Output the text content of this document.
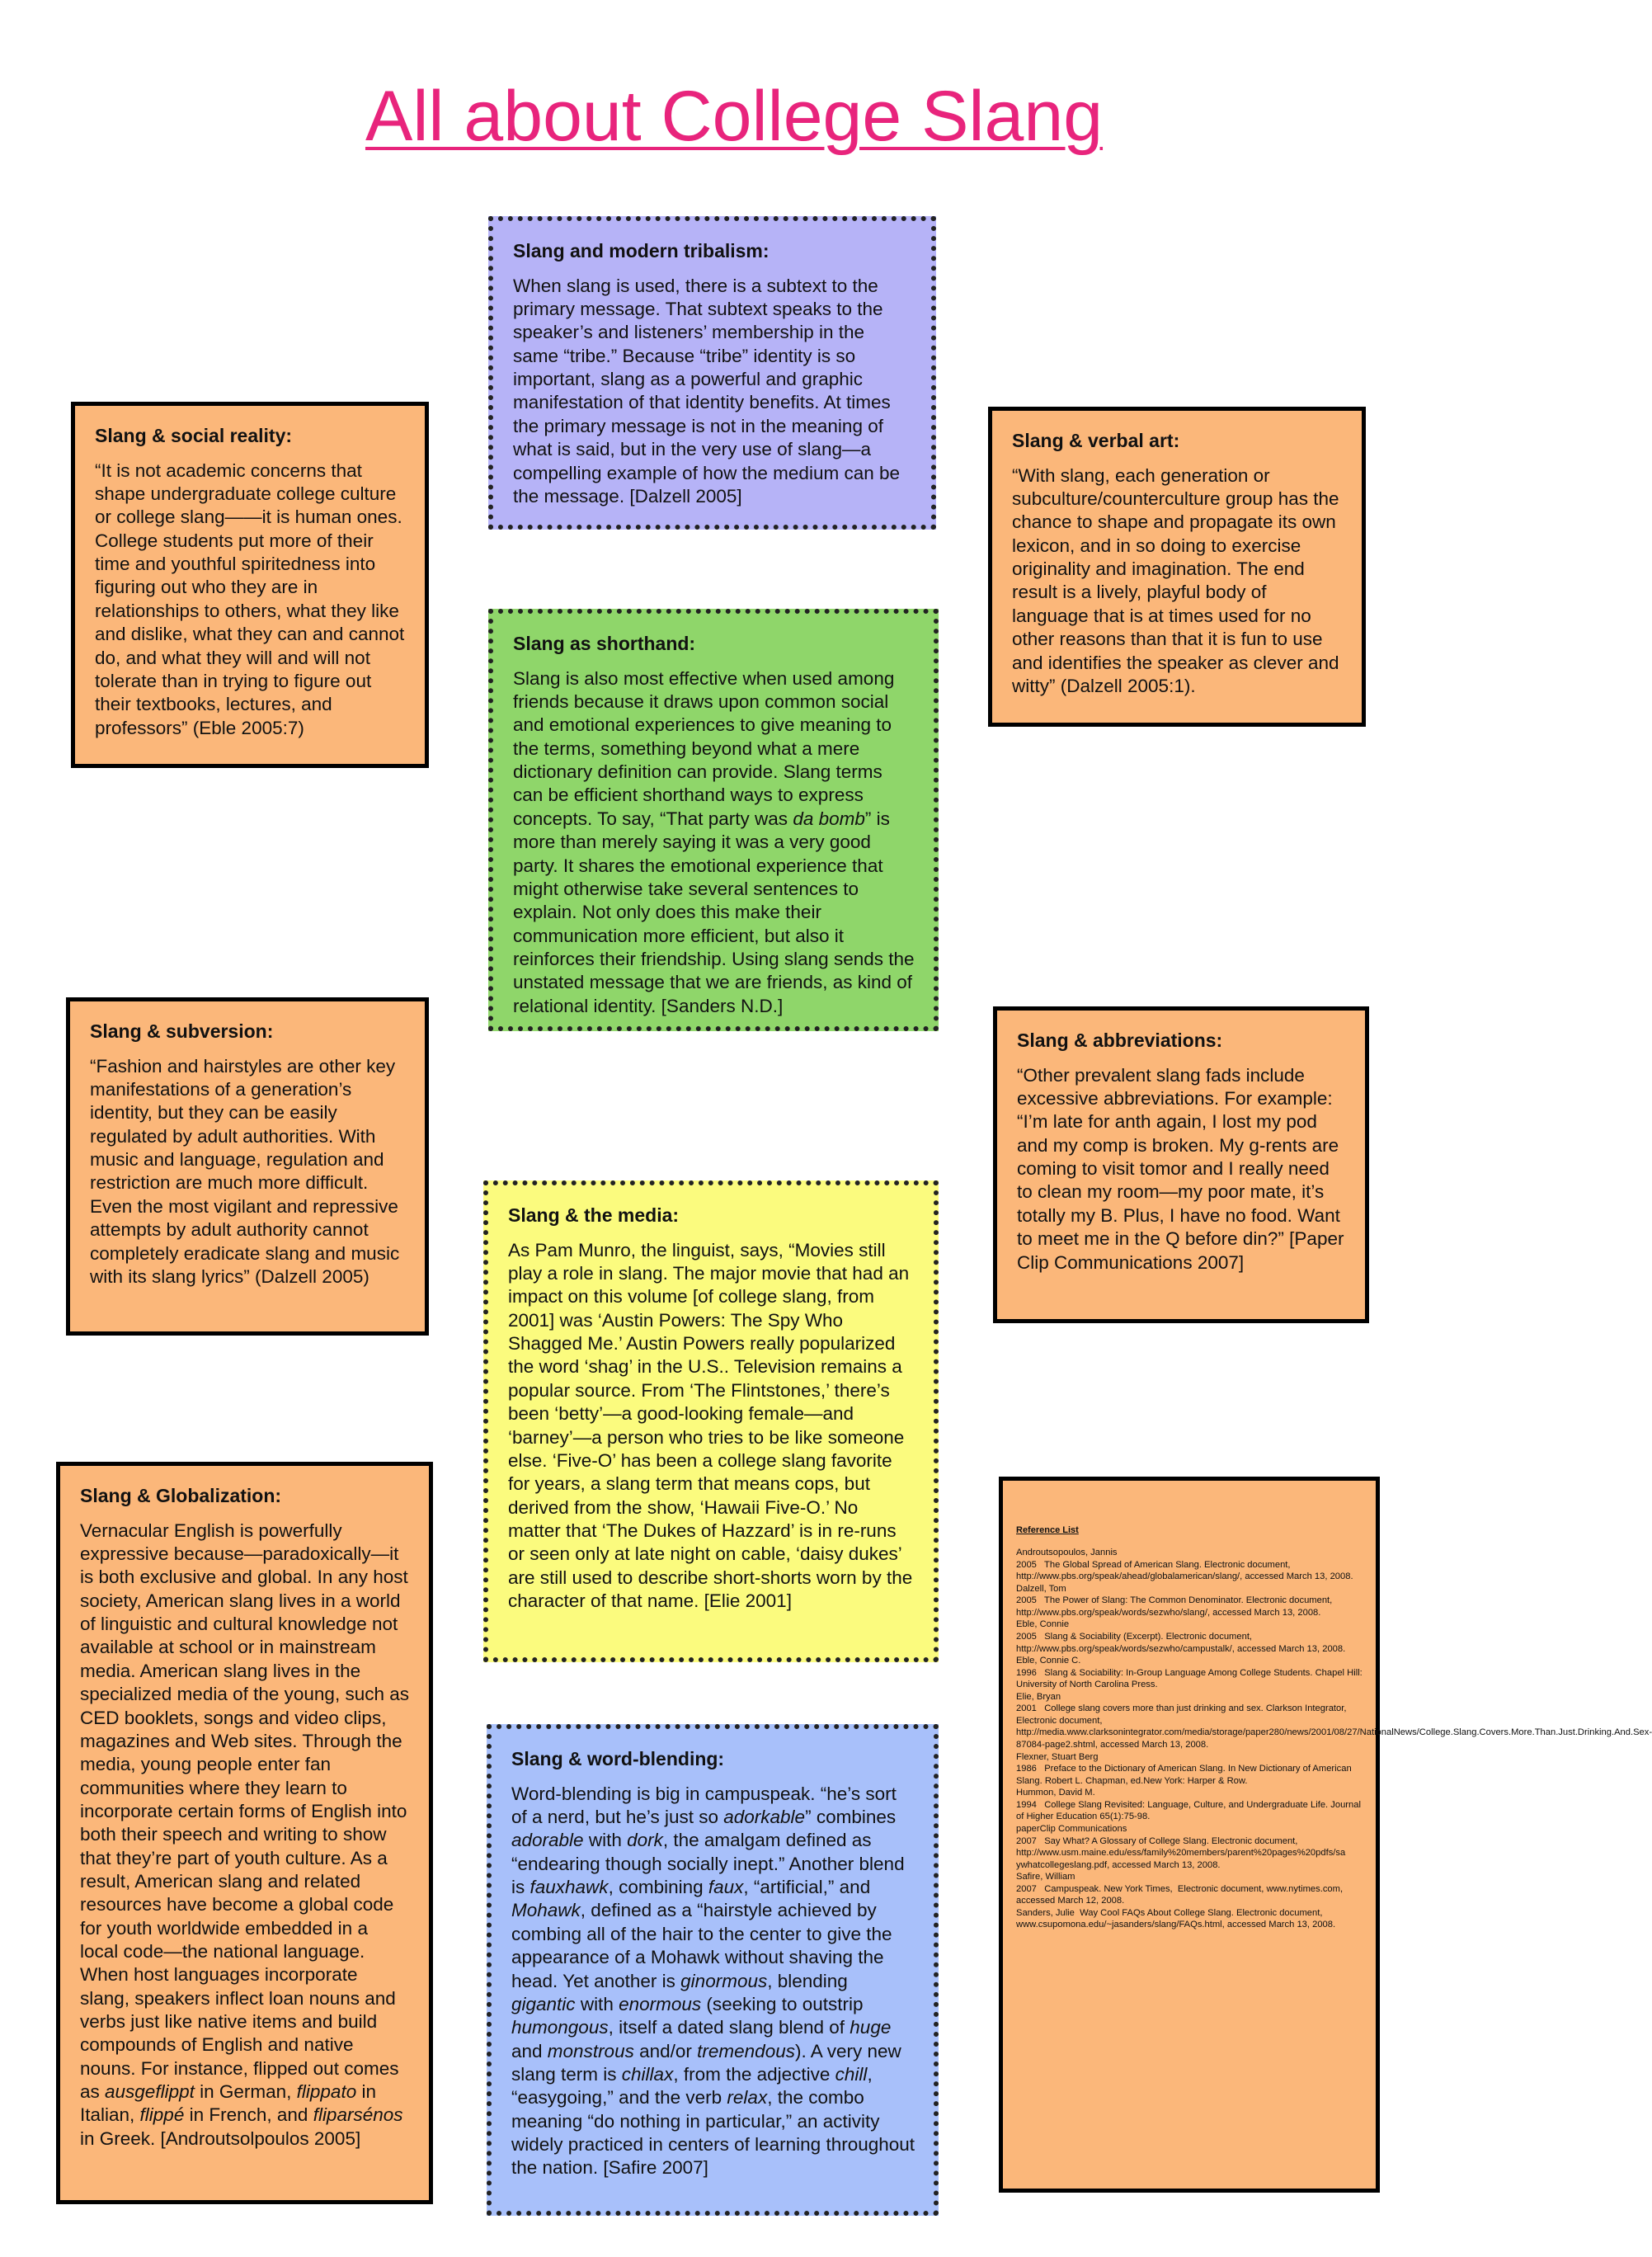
All about College Slang
Slang & social reality:

“It is not academic concerns that shape undergraduate college culture or college slang——it is human ones. College students put more of their time and youthful spiritedness into figuring out who they are in relationships to others, what they like and dislike, what they can and cannot do, and what they will and will not tolerate than in trying to figure out their textbooks, lectures, and professors” (Eble 2005:7)

Slang and modern tribalism:

When slang is used, there is a subtext to the primary message. That subtext speaks to the speaker’s and listeners’ membership in the same “tribe.” Because “tribe” identity is so important, slang as a powerful and graphic manifestation of that identity benefits. At times the primary message is not in the meaning of what is said, but in the very use of slang—a compelling example of how the medium can be the message. [Dalzell 2005]

Slang & verbal art:

“With slang, each generation or subculture/counterculture group has the chance to shape and propagate its own lexicon, and in so doing to exercise originality and imagination. The end result is a lively, playful body of language that is at times used for no other reasons than that it is fun to use and identifies the speaker as clever and witty” (Dalzell 2005:1).

Slang as shorthand:

Slang is also most effective when used among friends because it draws upon common social and emotional experiences to give meaning to the terms, something beyond what a mere dictionary definition can provide. Slang terms can be efficient shorthand ways to express concepts. To say, “That party was da bomb” is more than merely saying it was a very good party. It shares the emotional experience that might otherwise take several sentences to explain. Not only does this make their communication more efficient, but also it reinforces their friendship. Using slang sends the unstated message that we are friends, as kind of relational identity. [Sanders N.D.]

Slang & subversion:

“Fashion and hairstyles are other key manifestations of a generation’s identity, but they can be easily regulated by adult authorities. With music and language, regulation and restriction are much more difficult. Even the most vigilant and repressive attempts by adult authority cannot completely eradicate slang and music with its slang lyrics” (Dalzell 2005)

Slang & abbreviations:

“Other prevalent slang fads include excessive abbreviations. For example: “I’m late for anth again, I lost my pod and my comp is broken. My g-rents are coming to visit tomor and I really need to clean my room—my poor mate, it’s totally my B. Plus, I have no food. Want to meet me in the Q before din?” [Paper Clip Communications 2007]

Slang & the media:

As Pam Munro, the linguist, says, “Movies still play a role in slang. The major movie that had an impact on this volume [of college slang, from 2001] was ‘Austin Powers: The Spy Who Shagged Me.’ Austin Powers really popularized the word ‘shag’ in the U.S.. Television remains a popular source. From ‘The Flintstones,’ there’s been ‘betty’—a good-looking female—and ‘barney’—a person who tries to be like someone else. ‘Five-O’ has been a college slang favorite for years, a slang term that means cops, but derived from the show, ‘Hawaii Five-O.’ No matter that ‘The Dukes of Hazzard’ is in re-runs or seen only at late night on cable, ‘daisy dukes’ are still used to describe short-shorts worn by the character of that name. [Elie 2001]

Slang & Globalization:

Vernacular English is powerfully expressive because—paradoxically—it is both exclusive and global. In any host society, American slang lives in a world of linguistic and cultural knowledge not available at school or in mainstream media. American slang lives in the specialized media of the young, such as CED booklets, songs and video clips, magazines and Web sites. Through the media, young people enter fan communities where they learn to incorporate certain forms of English into both their speech and writing to show that they’re part of youth culture. As a result, American slang and related resources have become a global code for youth worldwide embedded in a local code—the national language. When host languages incorporate slang, speakers inflect loan nouns and verbs just like native items and build compounds of English and native nouns. For instance, flipped out comes as ausgeflippt in German, flippato in Italian, flippé in French, and fliparsénos in Greek. [Androutsolpoulos 2005]

Slang & word-blending:

Word-blending is big in campuspeak. “he’s sort of a nerd, but he’s just so adorkable” combines adorable with dork, the amalgam defined as “endearing though socially inept.” Another blend is fauxhawk, combining faux, “artificial,” and Mohawk, defined as a “hairstyle achieved by combing all of the hair to the center to give the appearance of a Mohawk without shaving the head. Yet another is ginormous, blending gigantic with enormous (seeking to outstrip humongous, itself a dated slang blend of huge and monstrous and/or tremendous). A very new slang term is chillax, from the adjective chill, “easygoing,” and the verb relax, the combo meaning “do nothing in particular,” an activity widely practiced in centers of learning throughout the nation. [Safire 2007]

Reference List
Androutsopoulos, Jannis
2005   The Global Spread of American Slang. Electronic document, http://www.pbs.org/speak/ahead/globalamerican/slang/, accessed March 13, 2008.
Dalzell, Tom
2005   The Power of Slang: The Common Denominator. Electronic document, http://www.pbs.org/speak/words/sezwho/slang/, accessed March 13, 2008.
Eble, Connie
2005   Slang & Sociability (Excerpt). Electronic document, http://www.pbs.org/speak/words/sezwho/campustalk/, accessed March 13, 2008.
Eble, Connie C.
1996   Slang & Sociability: In-Group Language Among College Students. Chapel Hill: University of North Carolina Press.
Elie, Bryan
2001   College slang covers more than just drinking and sex. Clarkson Integrator, Electronic document, http://media.www.clarksonintegrator.com/media/storage/paper280/news/2001/08/27/NationalNews/College.Slang.Covers.More.Than.Just.Drinking.And.Sex-87084-page2.shtml, accessed March 13, 2008.
Flexner, Stuart Berg
1986   Preface to the Dictionary of American Slang. In New Dictionary of American Slang. Robert L. Chapman, ed.New York: Harper & Row.
Hummon, David M.
1994   College Slang Revisited: Language, Culture, and Undergraduate Life. Journal of Higher Education 65(1):75-98.
paperClip Communications
2007   Say What? A Glossary of College Slang. Electronic document, http://www.usm.maine.edu/ess/family%20members/parent%20pages%20pdfs/sa ywhatcollegeslang.pdf, accessed March 13, 2008.
Safire, William
2007   Campuspeak. New York Times,  Electronic document, www.nytimes.com, accessed March 12, 2008.
Sanders, Julie  Way Cool FAQs About College Slang. Electronic document, www.csupomona.edu/~jasanders/slang/FAQs.html, accessed March 13, 2008.
